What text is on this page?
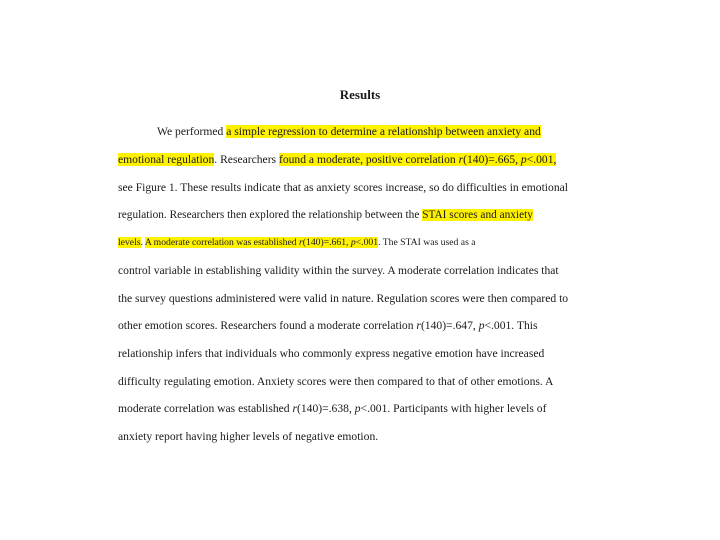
Results
We performed a simple regression to determine a relationship between anxiety and
emotional regulation. Researchers found a moderate, positive correlation r(140)=.665, p<.001,
see Figure 1. These results indicate that as anxiety scores increase, so do difficulties in emotional
regulation. Researchers then explored the relationship between the STAI scores and anxiety
levels. A moderate correlation was established r(140)=.661, p<.001. The STAI was used as a
control variable in establishing validity within the survey. A moderate correlation indicates that
the survey questions administered were valid in nature. Regulation scores were then compared to
other emotion scores. Researchers found a moderate correlation r(140)=.647, p<.001. This
relationship infers that individuals who commonly express negative emotion have increased
difficulty regulating emotion. Anxiety scores were then compared to that of other emotions. A
moderate correlation was established r(140)=.638, p<.001. Participants with higher levels of
anxiety report having higher levels of negative emotion.
